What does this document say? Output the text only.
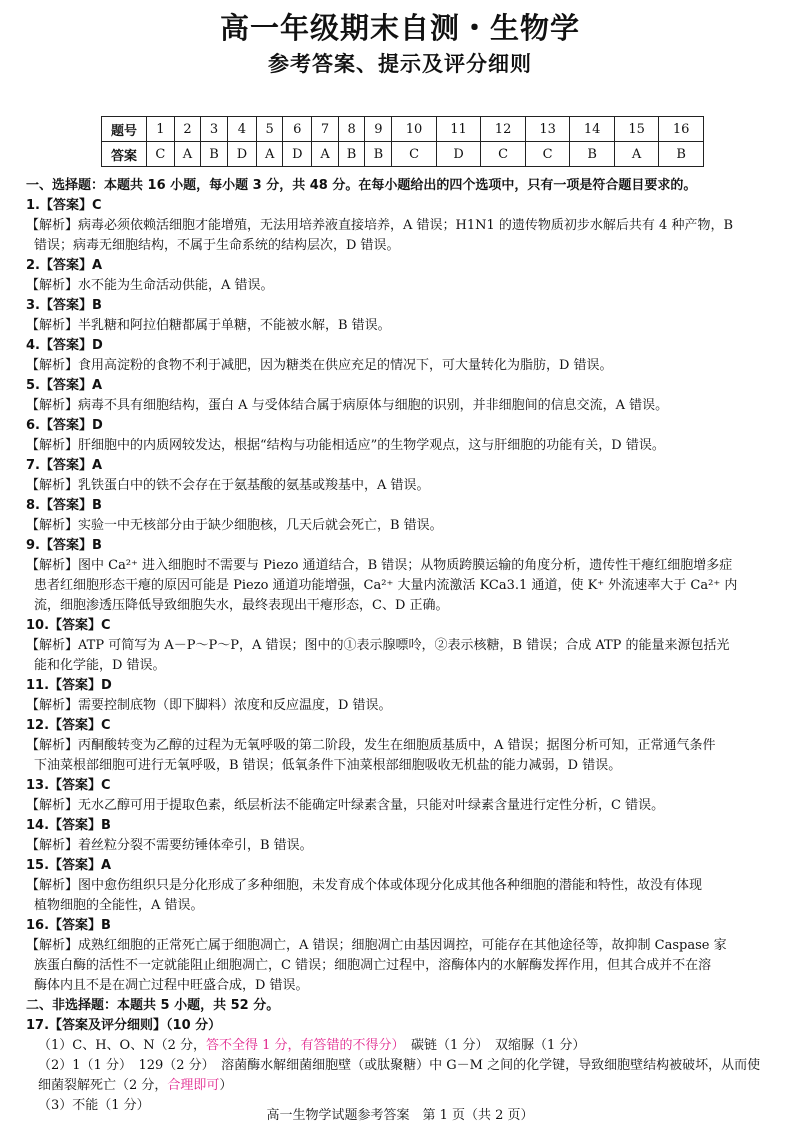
高一年级期末自测・生物学
参考答案、提示及评分细则
题号	1	2	3	4	5	6	7	8	9	10	11	12	13	14	15	16
答案	C	A	B	D	A	D	A	B	B	C	D	C	C	B	A	B
一、选择题：本题共 16 小题，每小题 3 分，共 48 分。在每小题给出的四个选项中，只有一项是符合题目要求的。
1.【答案】C
【解析】病毒必须依赖活细胞才能增殖，无法用培养液直接培养，A 错误；H1N1 的遗传物质初步水解后共有 4 种产物，B
错误；病毒无细胞结构，不属于生命系统的结构层次，D 错误。
2.【答案】A
【解析】水不能为生命活动供能，A 错误。
3.【答案】B
【解析】半乳糖和阿拉伯糖都属于单糖，不能被水解，B 错误。
4.【答案】D
【解析】食用高淀粉的食物不利于减肥，因为糖类在供应充足的情况下，可大量转化为脂肪，D 错误。
5.【答案】A
【解析】病毒不具有细胞结构，蛋白 A 与受体结合属于病原体与细胞的识别，并非细胞间的信息交流，A 错误。
6.【答案】D
【解析】肝细胞中的内质网较发达，根据“结构与功能相适应”的生物学观点，这与肝细胞的功能有关，D 错误。
7.【答案】A
【解析】乳铁蛋白中的铁不会存在于氨基酸的氨基或羧基中，A 错误。
8.【答案】B
【解析】实验一中无核部分由于缺少细胞核，几天后就会死亡，B 错误。
9.【答案】B
【解析】图中 Ca²⁺ 进入细胞时不需要与 Piezo 通道结合，B 错误；从物质跨膜运输的角度分析，遗传性干瘪红细胞增多症
患者红细胞形态干瘪的原因可能是 Piezo 通道功能增强，Ca²⁺ 大量内流激活 KCa3.1 通道，使 K⁺ 外流速率大于 Ca²⁺ 内
流，细胞渗透压降低导致细胞失水，最终表现出干瘪形态，C、D 正确。
10.【答案】C
【解析】ATP 可简写为 A－P～P～P，A 错误；图中的①表示腺嘌呤，②表示核糖，B 错误；合成 ATP 的能量来源包括光
能和化学能，D 错误。
11.【答案】D
【解析】需要控制底物（即下脚料）浓度和反应温度，D 错误。
12.【答案】C
【解析】丙酮酸转变为乙醇的过程为无氧呼吸的第二阶段，发生在细胞质基质中，A 错误；据图分析可知，正常通气条件
下油菜根部细胞可进行无氧呼吸，B 错误；低氧条件下油菜根部细胞吸收无机盐的能力减弱，D 错误。
13.【答案】C
【解析】无水乙醇可用于提取色素，纸层析法不能确定叶绿素含量，只能对叶绿素含量进行定性分析，C 错误。
14.【答案】B
【解析】着丝粒分裂不需要纺锤体牵引，B 错误。
15.【答案】A
【解析】图中愈伤组织只是分化形成了多种细胞，未发育成个体或体现分化成其他各种细胞的潜能和特性，故没有体现
植物细胞的全能性，A 错误。
16.【答案】B
【解析】成熟红细胞的正常死亡属于细胞凋亡，A 错误；细胞凋亡由基因调控，可能存在其他途径等，故抑制 Caspase 家
族蛋白酶的活性不一定就能阻止细胞凋亡，C 错误；细胞凋亡过程中，溶酶体内的水解酶发挥作用，但其合成并不在溶
酶体内且不是在凋亡过程中旺盛合成，D 错误。
二、非选择题：本题共 5 小题，共 52 分。
17.【答案及评分细则】（10 分）
（1）C、H、O、N（2 分，答不全得 1 分，有答错的不得分）　碳链（1 分）　双缩脲（1 分）
（2）1（1 分）　129（2 分）　溶菌酶水解细菌细胞壁（或肽聚糖）中 G－M 之间的化学键，导致细胞壁结构被破坏，从而使
细菌裂解死亡（2 分，合理即可）
（3）不能（1 分）
高一生物学试题参考答案　第 1 页（共 2 页）
